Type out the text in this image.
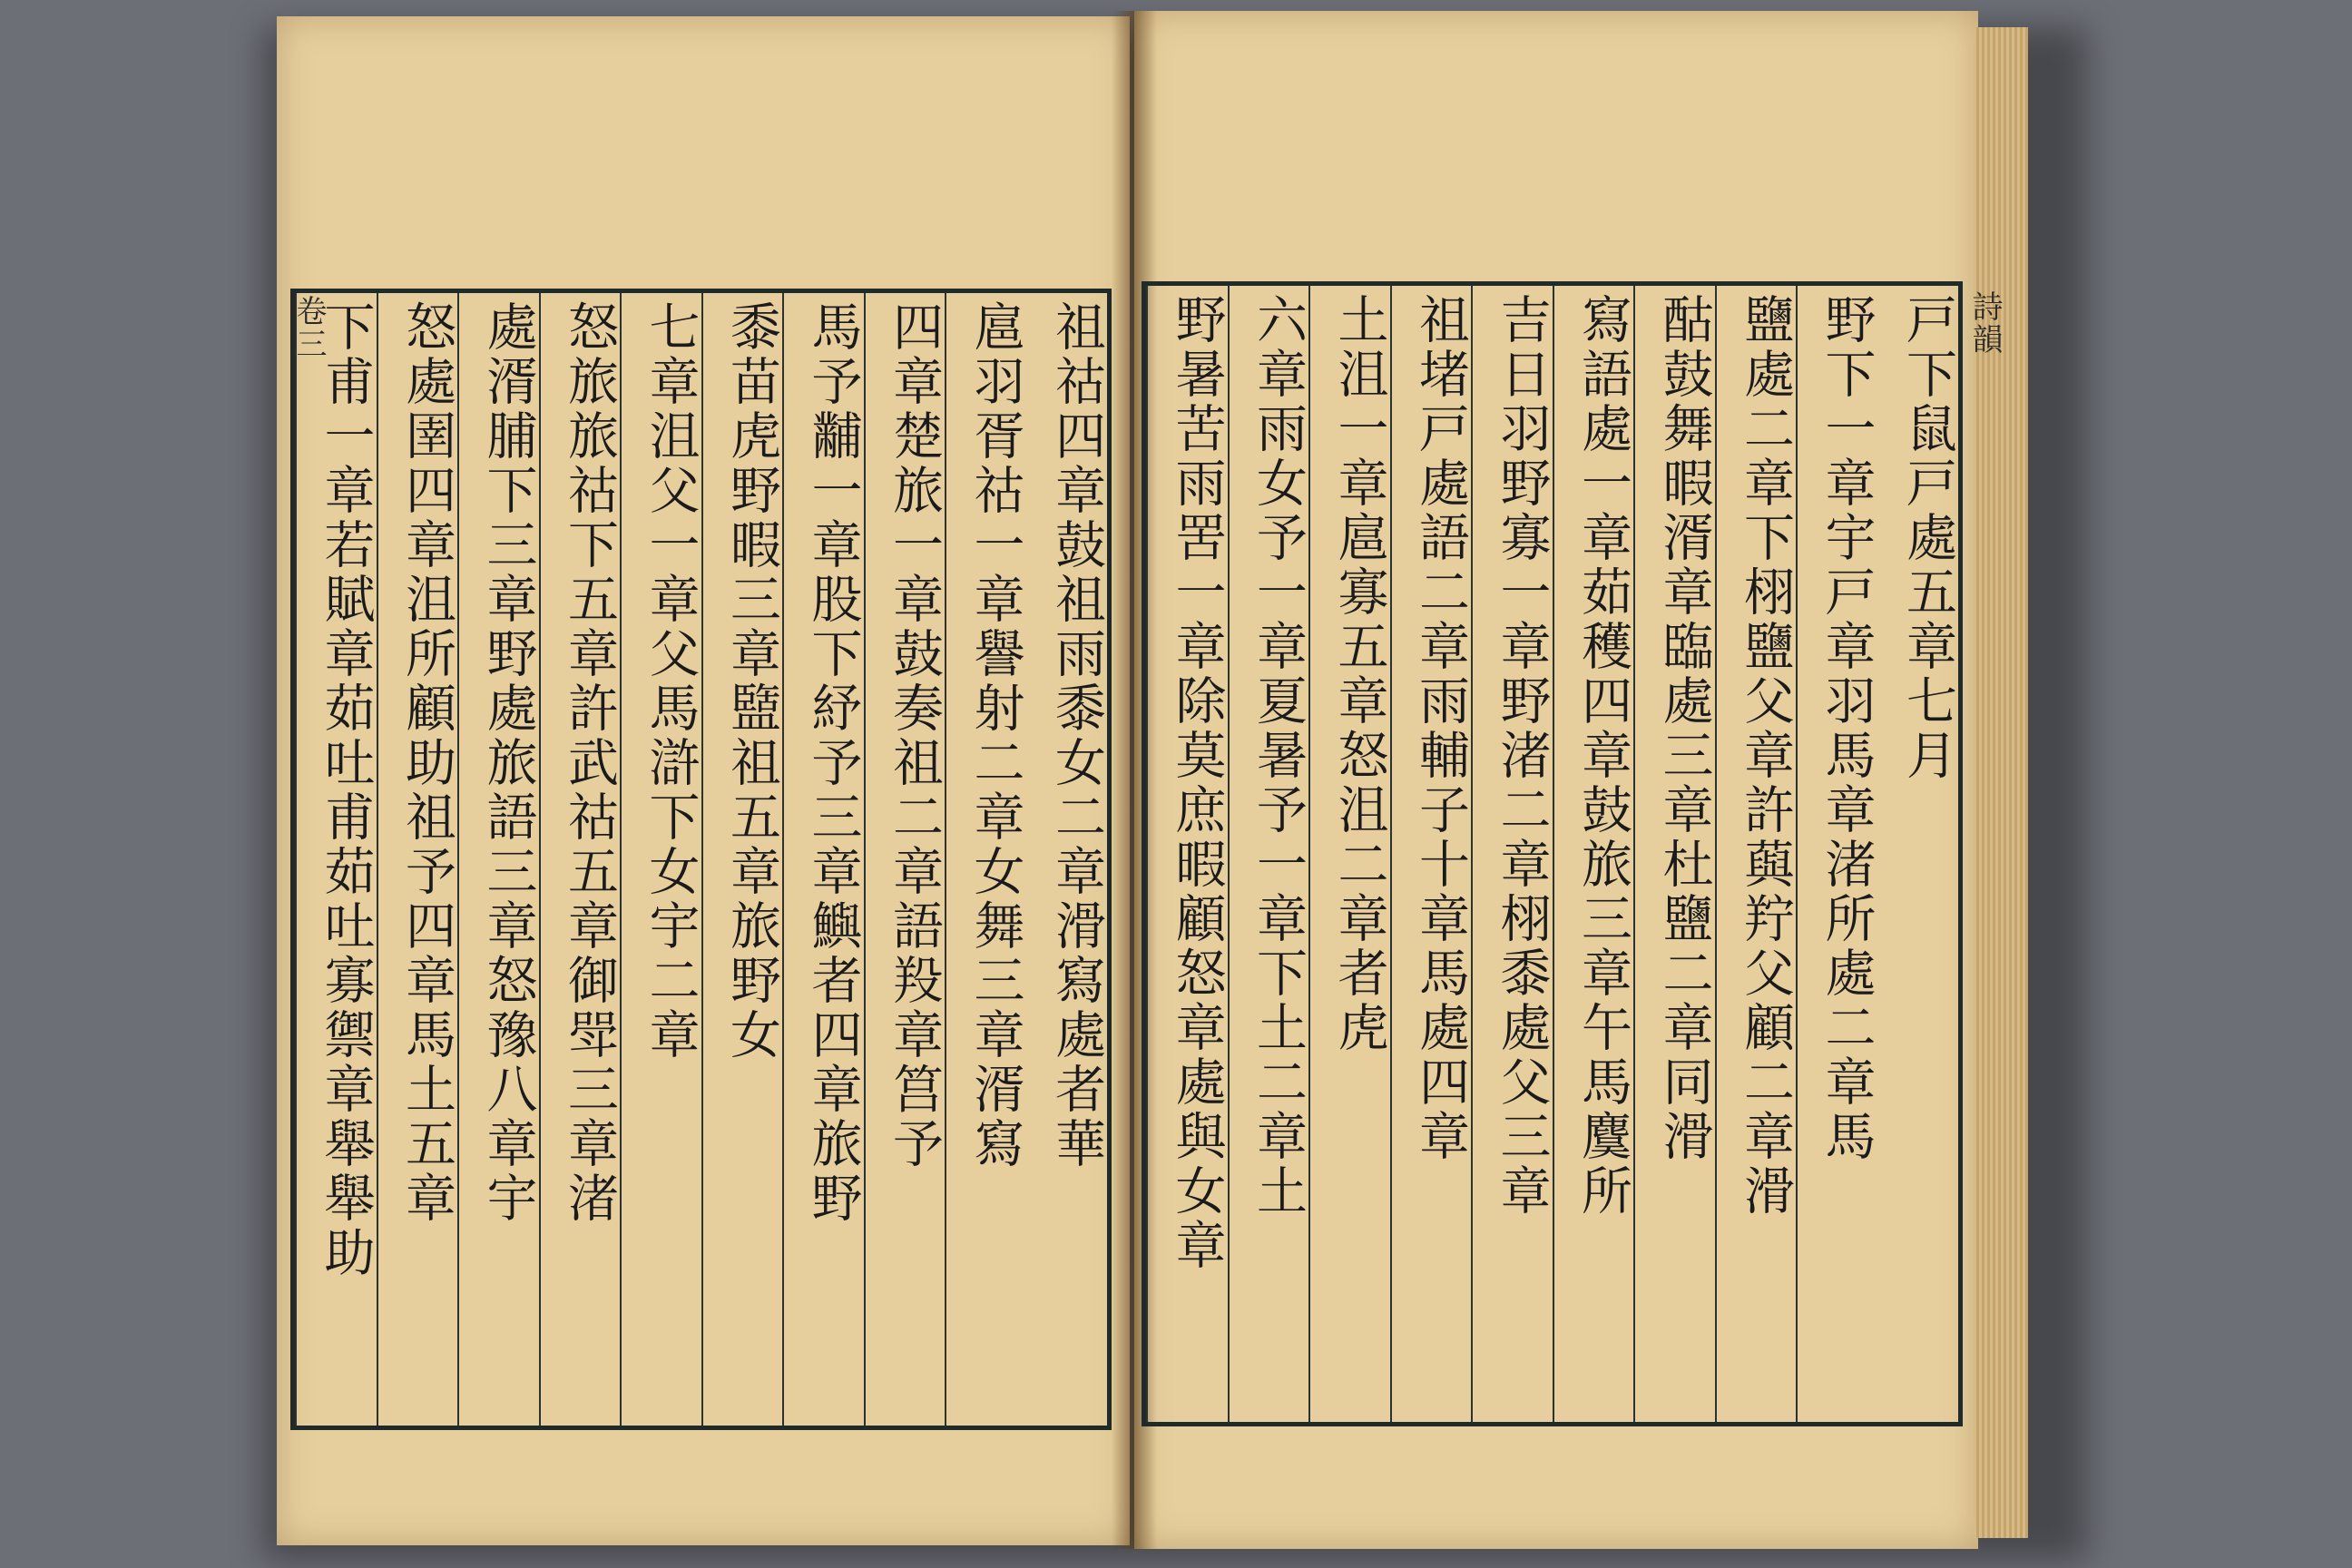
卷三	詩韻
戸下鼠戸處五章七月
野下一章宇戸章羽馬章渚所處二章馬
鹽處二章下栩鹽父章許藇羜父顧二章滑
酤鼓舞暇湑章臨處三章杜鹽二章同滑
寫語處一章茹穫四章鼓旅三章午馬麌所
吉日羽野寡一章野渚二章栩黍處父三章
祖堵戸處語二章雨輔子十章馬處四章
土沮一章扈寡五章怒沮二章者虎
六章雨女予一章夏暑予一章下土二章土
野暑苦雨罟一章除莫庶暇顧怒章處與女章
祖祜四章鼓祖雨黍女二章滑寫處者華
扈羽胥祜一章譽射二章女舞三章湑寫
四章楚旅一章鼓奏祖二章語羖章筥予
馬予黼一章股下紓予三章鱮者四章旅野
黍苗虎野暇三章盬祖五章旅野女
七章沮父一章父馬滸下女宇二章
怒旅旅祜下五章許武祜五章御斝三章渚
處湑脯下三章野處旅語三章怒豫八章宇
怒處圉四章沮所顧助祖予四章馬土五章
下甫一章若賦章茹吐甫茹吐寡禦章舉舉助
